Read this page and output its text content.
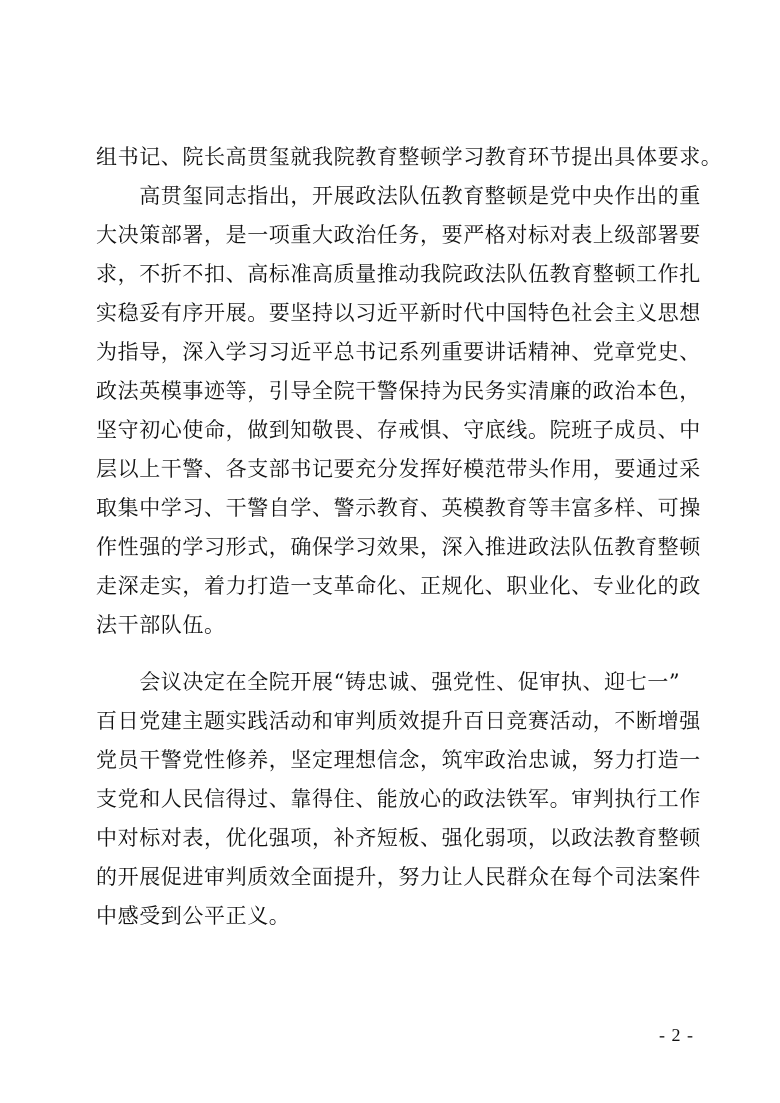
组书记、院长高贯玺就我院教育整顿学习教育环节提出具体要求。
　　高贯玺同志指出，开展政法队伍教育整顿是党中央作出的重
大决策部署，是一项重大政治任务，要严格对标对表上级部署要
求，不折不扣、高标准高质量推动我院政法队伍教育整顿工作扎
实稳妥有序开展。要坚持以习近平新时代中国特色社会主义思想
为指导，深入学习习近平总书记系列重要讲话精神、党章党史、
政法英模事迹等，引导全院干警保持为民务实清廉的政治本色，
坚守初心使命，做到知敬畏、存戒惧、守底线。院班子成员、中
层以上干警、各支部书记要充分发挥好模范带头作用，要通过采
取集中学习、干警自学、警示教育、英模教育等丰富多样、可操
作性强的学习形式，确保学习效果，深入推进政法队伍教育整顿
走深走实，着力打造一支革命化、正规化、职业化、专业化的政
法干部队伍。
　　会议决定在全院开展“铸忠诚、强党性、促审执、迎七一”
百日党建主题实践活动和审判质效提升百日竞赛活动，不断增强
党员干警党性修养，坚定理想信念，筑牢政治忠诚，努力打造一
支党和人民信得过、靠得住、能放心的政法铁军。审判执行工作
中对标对表，优化强项，补齐短板、强化弱项，以政法教育整顿
的开展促进审判质效全面提升，努力让人民群众在每个司法案件
中感受到公平正义。
- 2 -
